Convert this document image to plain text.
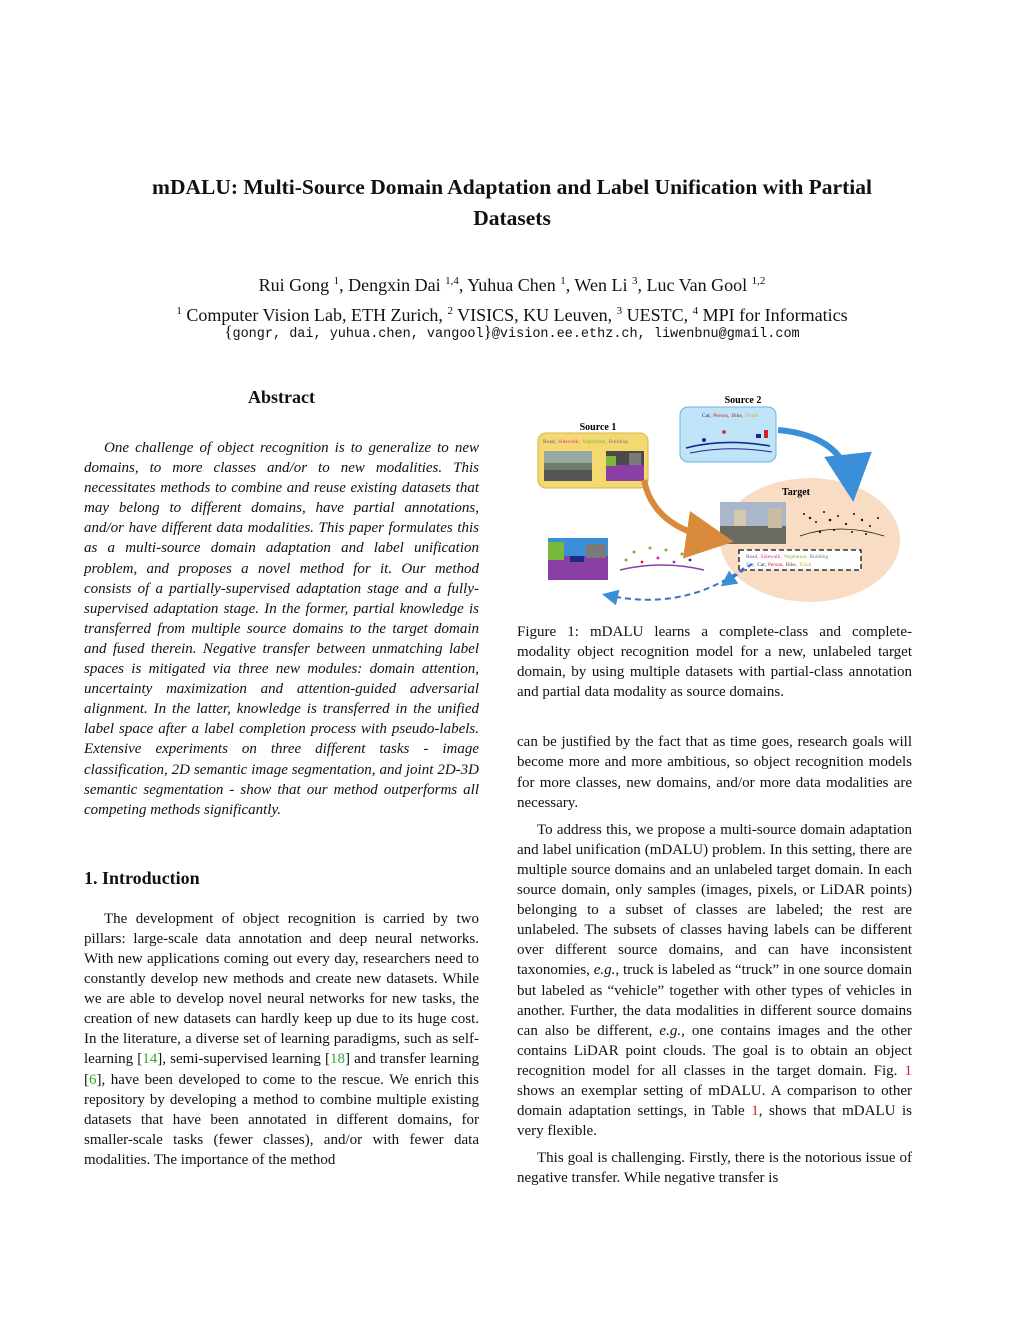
mDALU: Multi-Source Domain Adaptation and Label Unification with Partial
Datasets
Rui Gong $^1$, Dengxin Dai $^{1,4}$, Yuhua Chen $^1$, Wen Li $^3$, Luc Van Gool $^{1,2}$
$^1$ Computer Vision Lab, ETH Zurich, $^2$ VISICS, KU Leuven, $^3$ UESTC, $^4$ MPI for Informatics
{gongr, dai, yuhua.chen, vangool}@vision.ee.ethz.ch, liwenbnu@gmail.com
Abstract

One challenge of object recognition is to generalize to new domains, to more classes and/or to new modalities. This necessitates methods to combine and reuse existing datasets that may belong to different domains, have partial annotations, and/or have different data modalities. This paper formulates this as a multi-source domain adaptation and label unification problem, and proposes a novel method for it. Our method consists of a partially-supervised adaptation stage and a fully-supervised adaptation stage. In the former, partial knowledge is transferred from multiple source domains to the target domain and fused therein. Negative transfer between unmatching label spaces is mitigated via three new modules: domain attention, uncertainty maximization and attention-guided adversarial alignment. In the latter, knowledge is transferred in the unified label space after a label completion process with pseudo-labels. Extensive experiments on three different tasks - image classification, 2D semantic image segmentation, and joint 2D-3D semantic segmentation - show that our method outperforms all competing methods significantly.

1. Introduction

The development of object recognition is carried by two pillars: large-scale data annotation and deep neural networks. With new applications coming out every day, researchers need to constantly develop new methods and create new datasets. While we are able to develop novel neural networks for new tasks, the creation of new datasets can hardly keep up due to its huge cost. In the literature, a diverse set of learning paradigms, such as self-learning [14], semi-supervised learning [18] and transfer learning [6], have been developed to come to the rescue. We enrich this repository by developing a method to combine multiple existing datasets that have been annotated in different domains, for smaller-scale tasks (fewer classes), and/or with fewer data modalities. The importance of the method

Source 2
Car, Person, Bike, Truck
Source 1
Road, Sidewalk, Vegetation, Building
Target
Road, Sidewalk, Vegetation, Building
Sky, Car, Person, Bike, Truck

Figure 1: mDALU learns a complete-class and complete-modality object recognition model for a new, unlabeled target domain, by using multiple datasets with partial-class annotation and partial data modality as source domains.

can be justified by the fact that as time goes, research goals will become more and more ambitious, so object recognition models for more classes, new domains, and/or more data modalities are necessary.

To address this, we propose a multi-source domain adaptation and label unification (mDALU) problem. In this setting, there are multiple source domains and an unlabeled target domain. In each source domain, only samples (images, pixels, or LiDAR points) belonging to a subset of classes are labeled; the rest are unlabeled. The subsets of classes having labels can be different over different source domains, and can have inconsistent taxonomies, e.g., truck is labeled as “truck” in one source domain but labeled as “vehicle” together with other types of vehicles in another. Further, the data modalities in different source domains can also be different, e.g., one contains images and the other contains LiDAR point clouds. The goal is to obtain an object recognition model for all classes in the target domain. Fig. 1 shows an exemplar setting of mDALU. A comparison to other domain adaptation settings, in Table 1, shows that mDALU is very flexible.

This goal is challenging. Firstly, there is the notorious issue of negative transfer. While negative transfer is
